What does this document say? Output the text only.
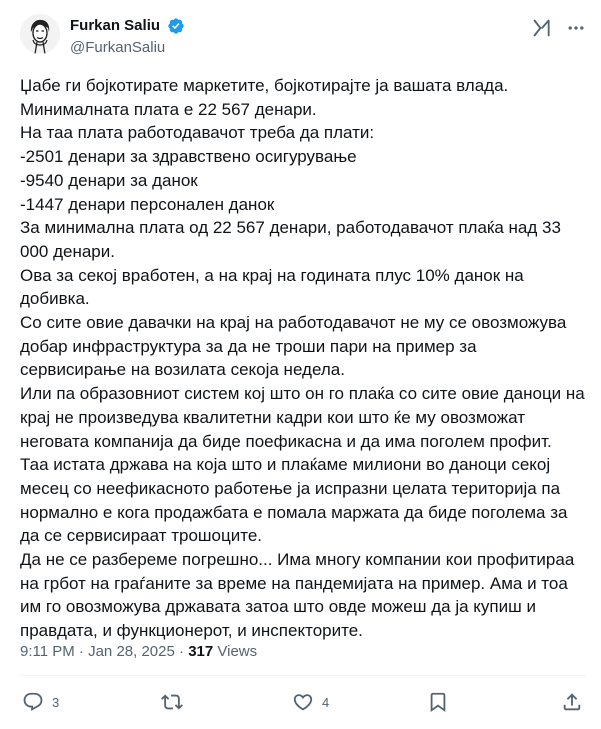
Furkan Saliu
@FurkanSaliu

Џабе ги бојкотирате маркетите, бојкотирајте ја вашата влада.
Минималната плата е 22 567 денари.
На таа плата работодавачот треба да плати:
-2501 денари за здравствено осигурување
-9540 денари за данок
-1447 денари персонален данок
За минимална плата од 22 567 денари, работодавачот плаќа над 33 000 денари.
Ова за секој вработен, а на крај на годината плус 10% данок на добивка.
Со сите овие давачки на крај на работодавачот не му се овозможува добар инфраструктура за да не троши пари на пример за сервисирање на возилата секоја недела.
Или па образовниот систем кој што он го плаќа со сите овие даноци на крај не произведува квалитетни кадри кои што ќе му овозможат неговата компанија да биде поефикасна и да има поголем профит.
Таа истата држава на која што и плаќаме милиони во даноци секој месец со неефикасното работење ја испразни целата територија па нормално е кога продажбата е помала маржата да биде поголема за да се сервисираат трошоците.
Да не се разбереме погрешно... Има многу компании кои профитираа на грбот на граѓаните за време на пандемијата на пример. Ама и тоа им го овозможува државата затоа што овде можеш да ја купиш и правдата, и функционерот, и инспекторите.

9:11 PM · Jan 28, 2025 · 317 Views
3	4
